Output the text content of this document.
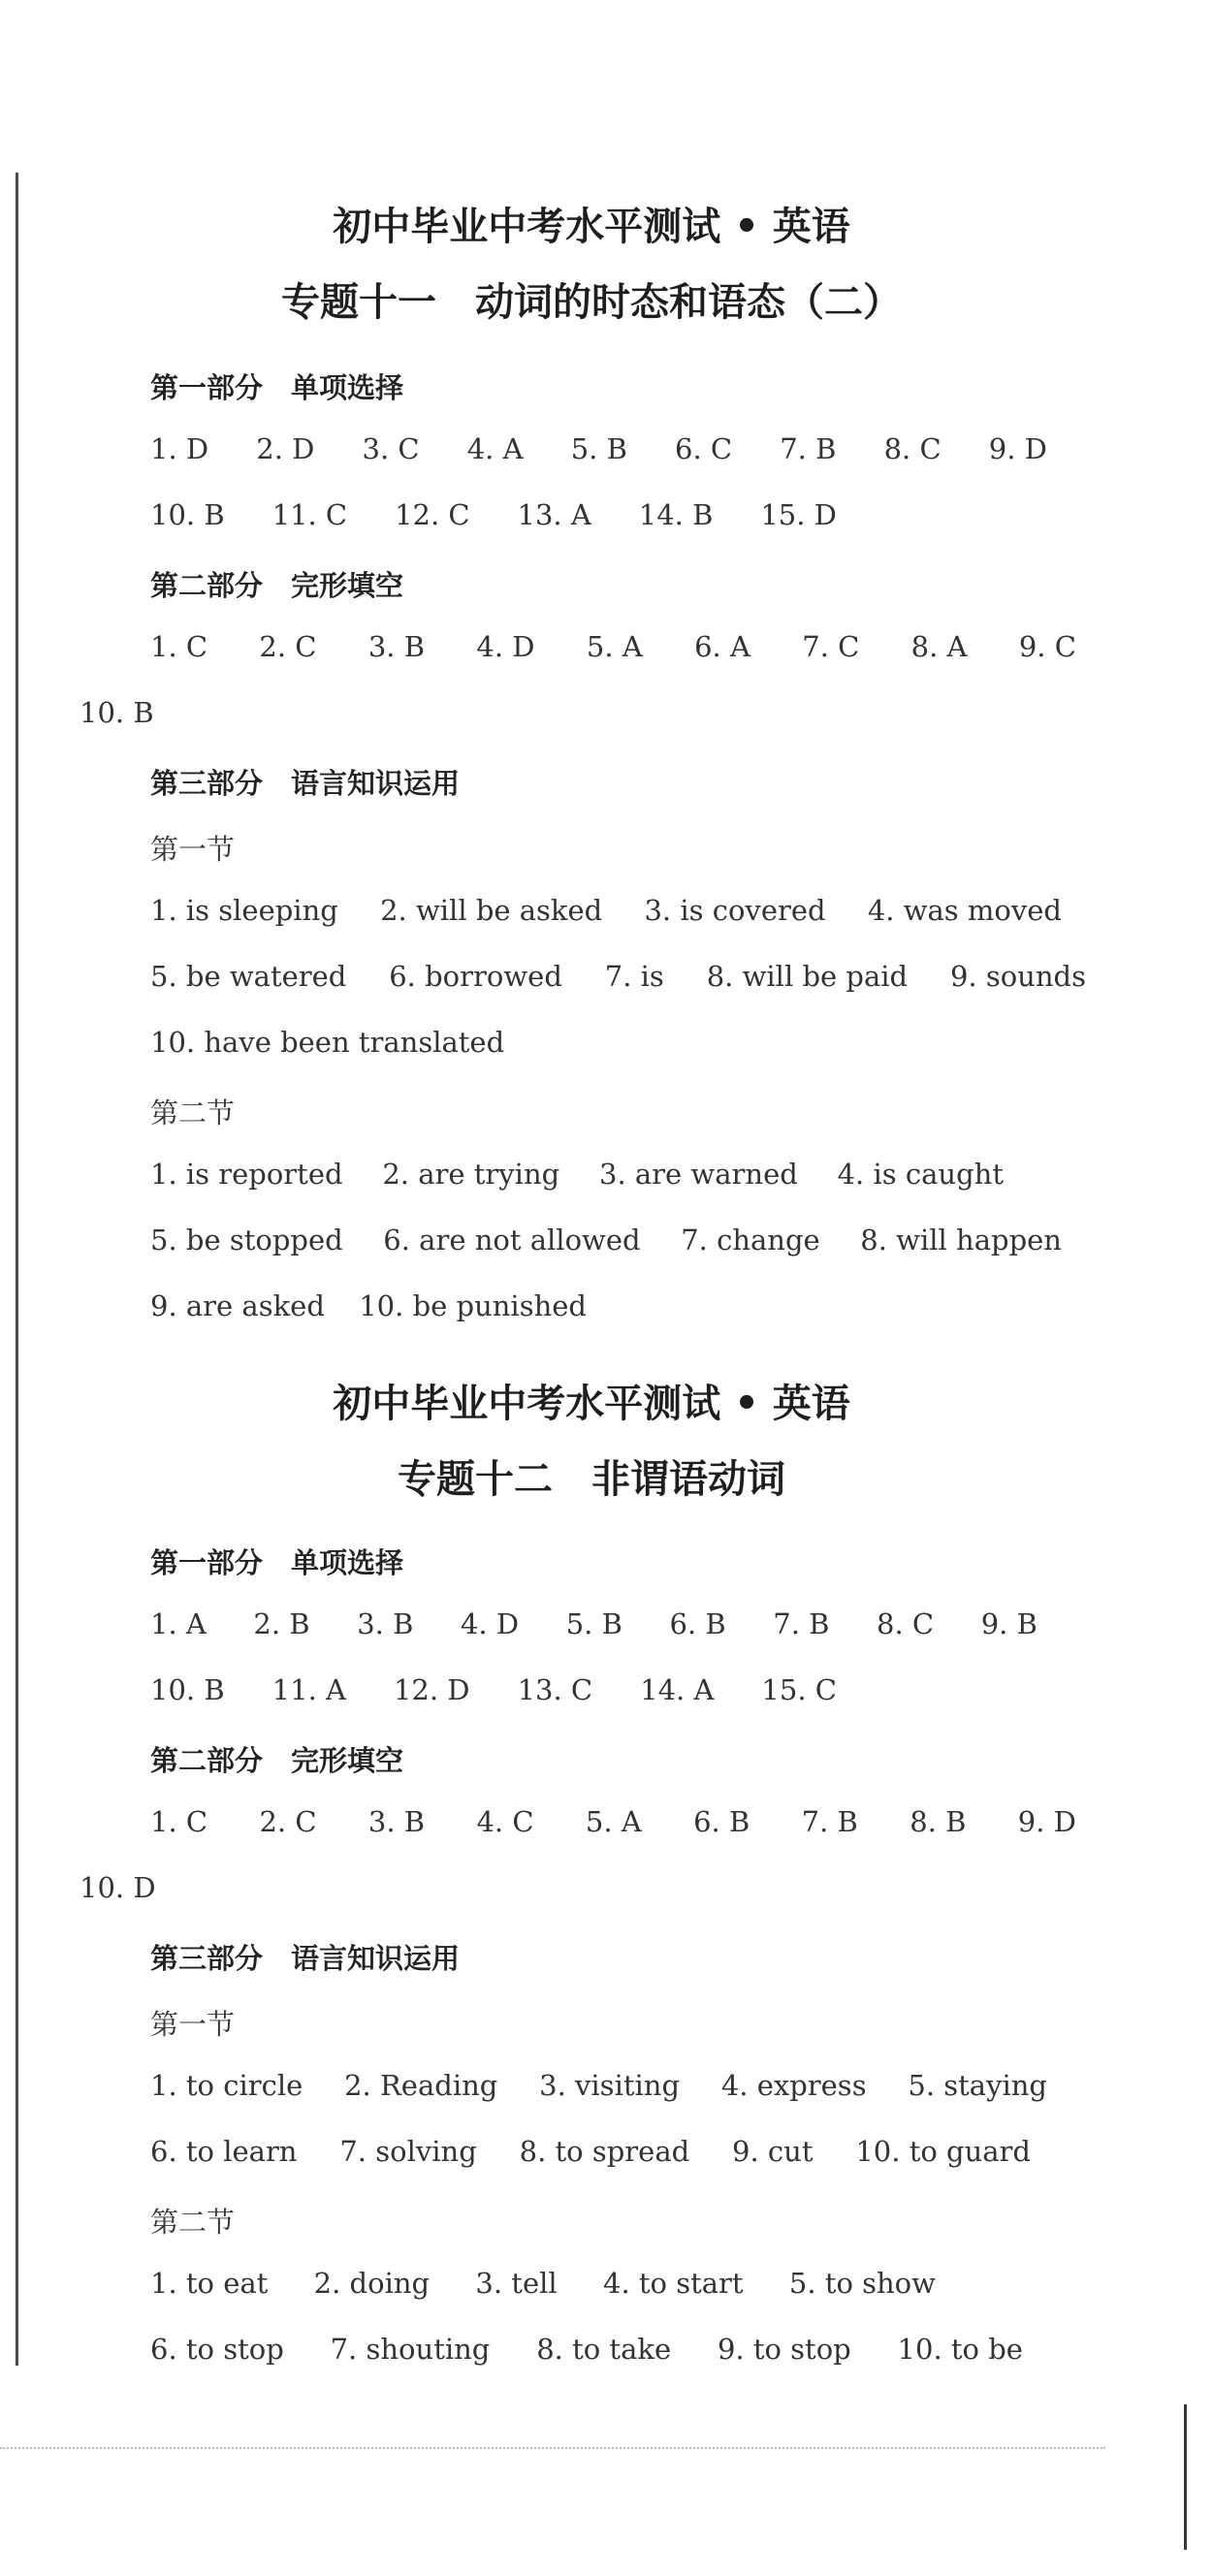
初中毕业中考水平测试 • 英语
专题十一　动词的时态和语态（二）
第一部分　单项选择
1. D 2. D 3. C 4. A 5. B 6. C 7. B 8. C 9. D
10. B 11. C 12. C 13. A 14. B 15. D
第二部分　完形填空
1. C 2. C 3. B 4. D 5. A 6. A 7. C 8. A 9. C
10. B
第三部分　语言知识运用
第一节
1. is sleeping 2. will be asked 3. is covered 4. was moved
5. be watered 6. borrowed 7. is 8. will be paid 9. sounds
10. have been translated
第二节
1. is reported 2. are trying 3. are warned 4. is caught
5. be stopped 6. are not allowed 7. change 8. will happen
9. are asked 10. be punished
初中毕业中考水平测试 • 英语
专题十二　非谓语动词
第一部分　单项选择
1. A 2. B 3. B 4. D 5. B 6. B 7. B 8. C 9. B
10. B 11. A 12. D 13. C 14. A 15. C
第二部分　完形填空
1. C 2. C 3. B 4. C 5. A 6. B 7. B 8. B 9. D
10. D
第三部分　语言知识运用
第一节
1. to circle 2. Reading 3. visiting 4. express 5. staying
6. to learn 7. solving 8. to spread 9. cut 10. to guard
第二节
1. to eat 2. doing 3. tell 4. to start 5. to show
6. to stop 7. shouting 8. to take 9. to stop 10. to be
